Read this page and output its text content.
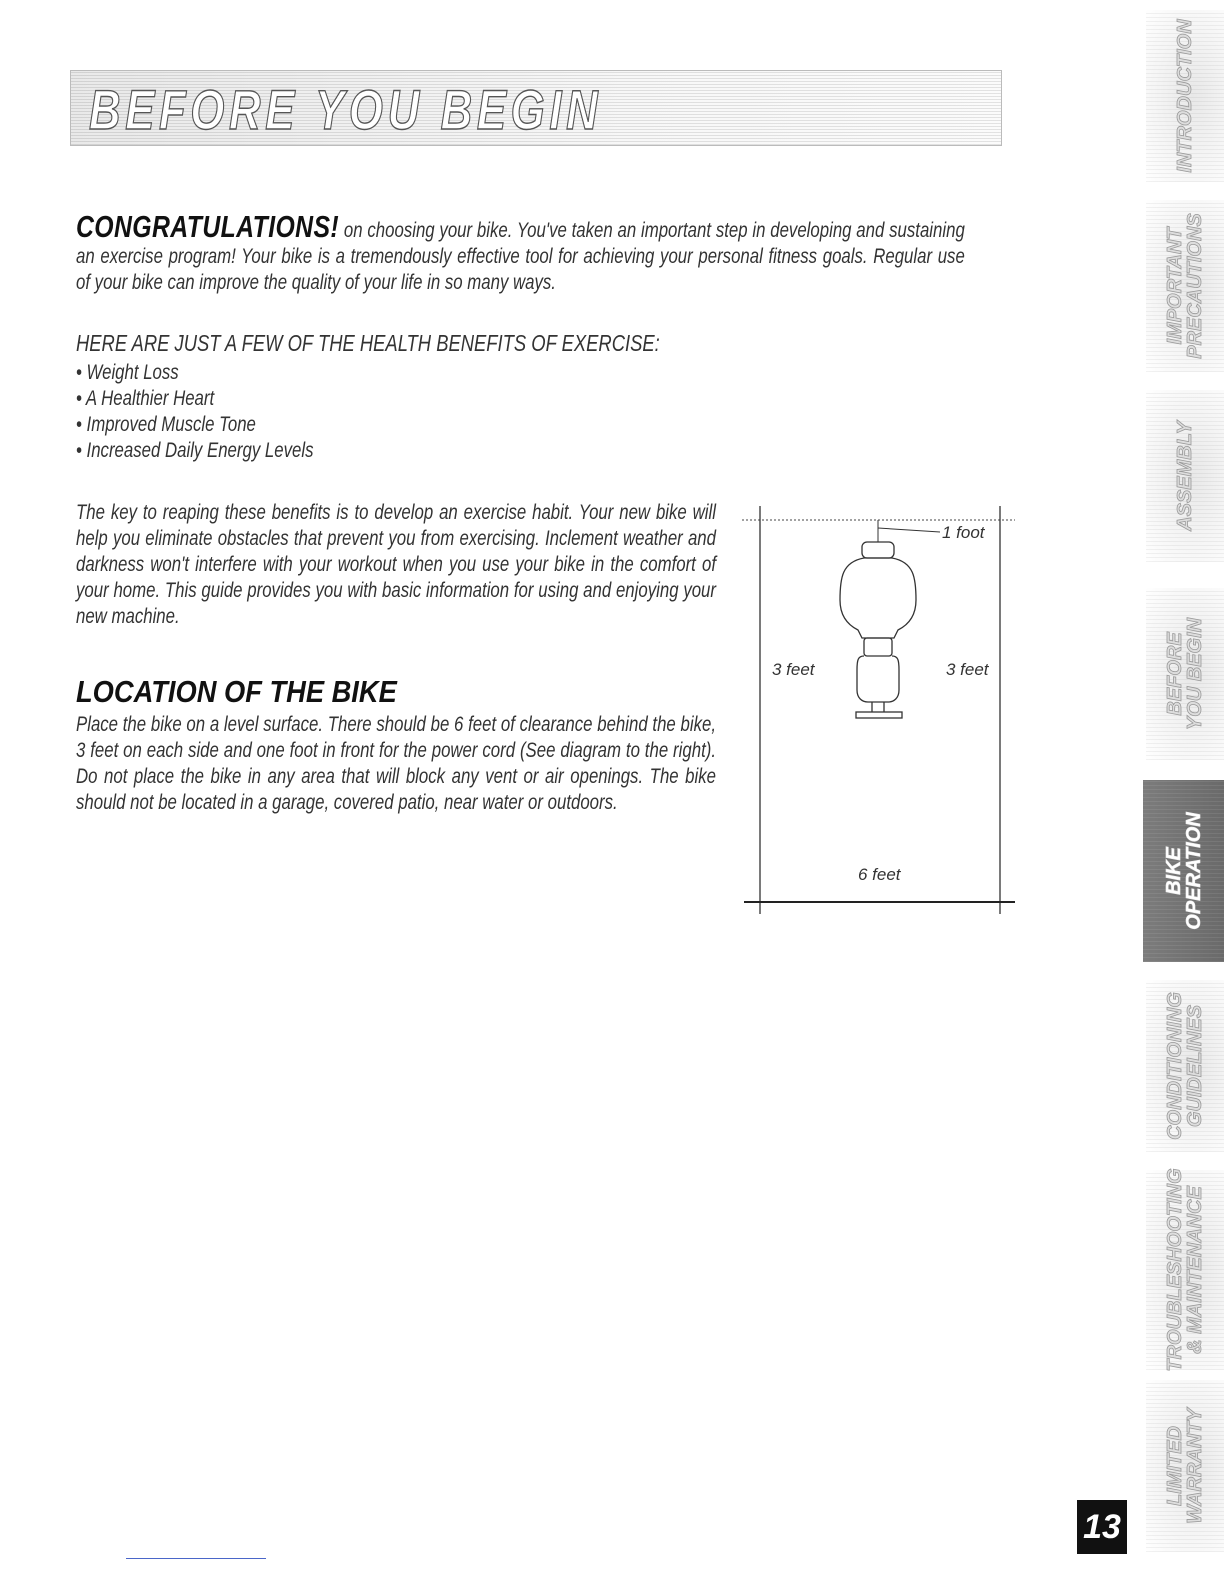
BEFORE YOU BEGIN
CONGRATULATIONS! on choosing your bike. You've taken an important step in developing and sustaining an exercise program! Your bike is a tremendously effective tool for achieving your personal fitness goals. Regular use of your bike can improve the quality of your life in so many ways.
HERE ARE JUST A FEW OF THE HEALTH BENEFITS OF EXERCISE:
• Weight Loss
• A Healthier Heart
• Improved Muscle Tone
• Increased Daily Energy Levels
The key to reaping these benefits is to develop an exercise habit. Your new bike will help you eliminate obstacles that prevent you from exercising. Inclement weather and darkness won't interfere with your workout when you use your bike in the comfort of your home. This guide provides you with basic information for using and enjoying your new machine.
LOCATION OF THE BIKE
Place the bike on a level surface. There should be 6 feet of clearance behind the bike, 3 feet on each side and one foot in front for the power cord (See diagram to the right). Do not place the bike in any area that will block any vent or air openings. The bike should not be located in a garage, covered patio, near water or outdoors.
1 foot
3 feet	3 feet
6 feet
INTRODUCTION

IMPORTANT
PRECAUTIONS
ASSEMBLY

BEFORE
YOU BEGIN
BIKE
OPERATION
CONDITIONING
GUIDELINES
TROUBLESHOOTING
& MAINTENANCE
LIMITED
WARRANTY
13
